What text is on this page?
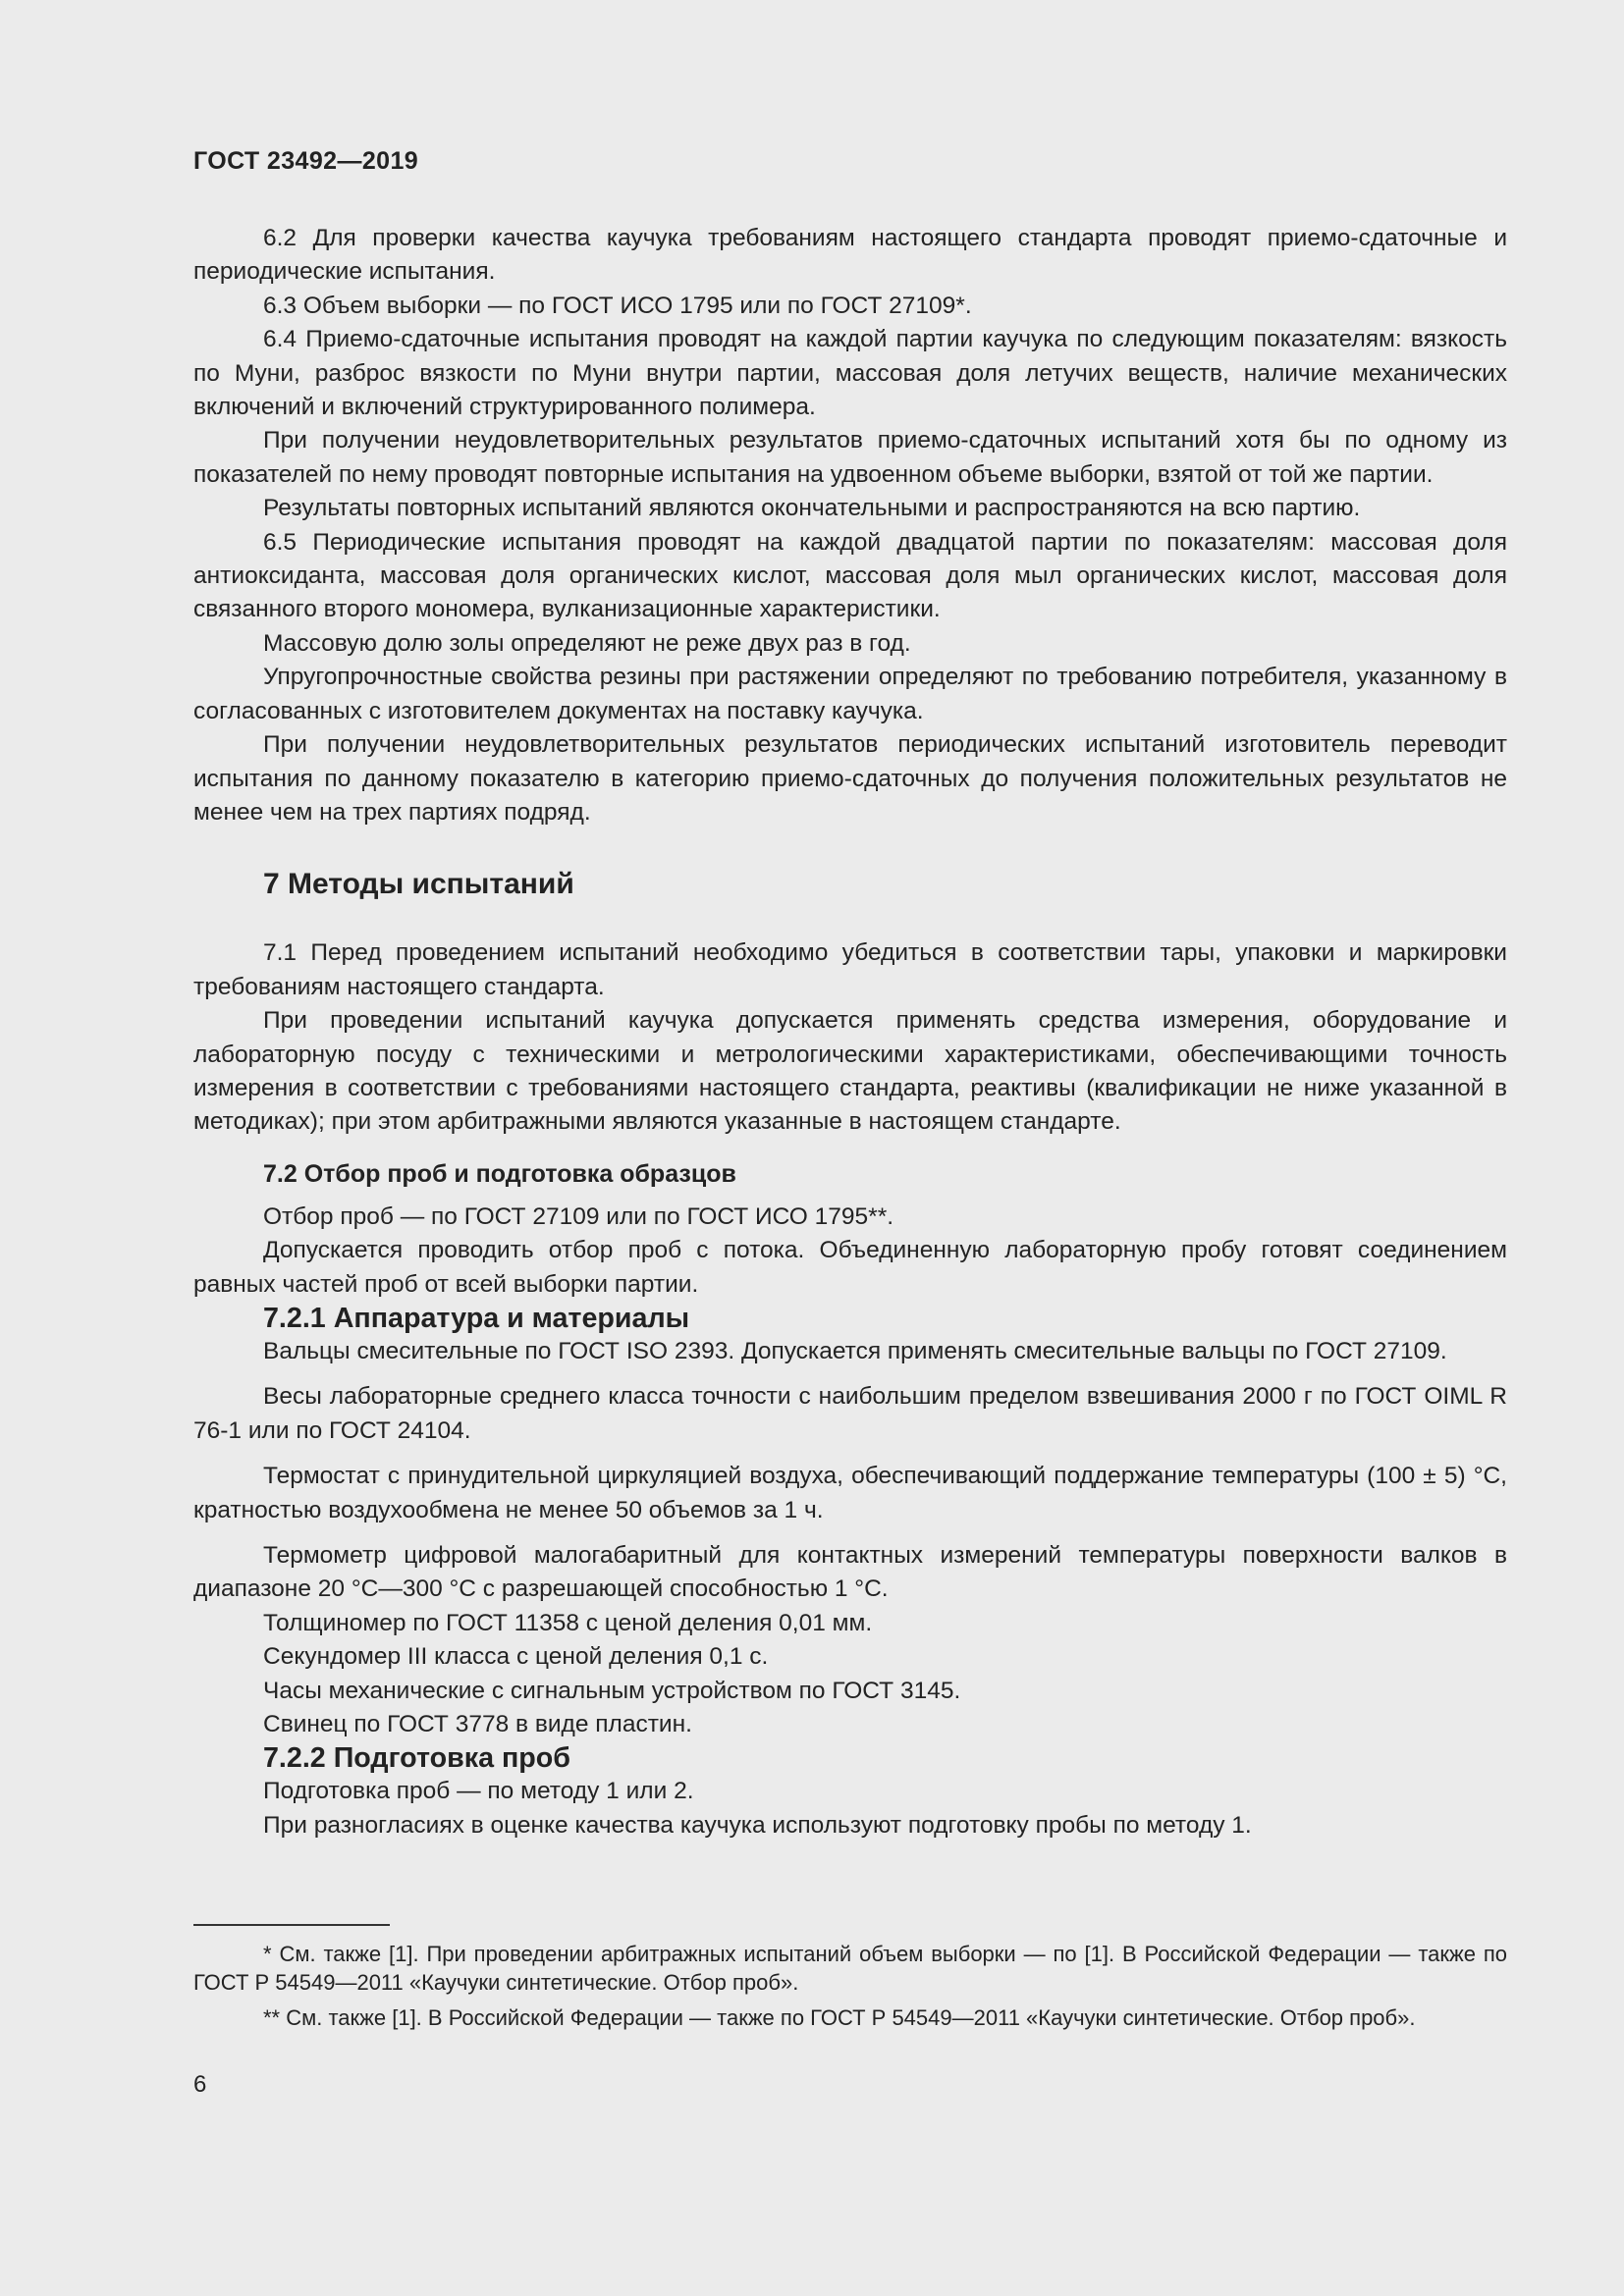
ГОСТ 23492—2019

6.2 Для проверки качества каучука требованиям настоящего стандарта проводят приемо-сдаточные и периодические испытания.

6.3 Объем выборки — по ГОСТ ИСО 1795 или по ГОСТ 27109*.

6.4 Приемо-сдаточные испытания проводят на каждой партии каучука по следующим показателям: вязкость по Муни, разброс вязкости по Муни внутри партии, массовая доля летучих веществ, наличие механических включений и включений структурированного полимера.

При получении неудовлетворительных результатов приемо-сдаточных испытаний хотя бы по одному из показателей по нему проводят повторные испытания на удвоенном объеме выборки, взятой от той же партии.

Результаты повторных испытаний являются окончательными и распространяются на всю партию.

6.5 Периодические испытания проводят на каждой двадцатой партии по показателям: массовая доля антиоксиданта, массовая доля органических кислот, массовая доля мыл органических кислот, массовая доля связанного второго мономера, вулканизационные характеристики.

Массовую долю золы определяют не реже двух раз в год.

Упругопрочностные свойства резины при растяжении определяют по требованию потребителя, указанному в согласованных с изготовителем документах на поставку каучука.

При получении неудовлетворительных результатов периодических испытаний изготовитель переводит испытания по данному показателю в категорию приемо-сдаточных до получения положительных результатов не менее чем на трех партиях подряд.

7 Методы испытаний

7.1 Перед проведением испытаний необходимо убедиться в соответствии тары, упаковки и маркировки требованиям настоящего стандарта.

При проведении испытаний каучука допускается применять средства измерения, оборудование и лабораторную посуду с техническими и метрологическими характеристиками, обеспечивающими точность измерения в соответствии с требованиями настоящего стандарта, реактивы (квалификации не ниже указанной в методиках); при этом арбитражными являются указанные в настоящем стандарте.

7.2 Отбор проб и подготовка образцов

Отбор проб — по ГОСТ 27109 или по ГОСТ ИСО 1795**.

Допускается проводить отбор проб с потока. Объединенную лабораторную пробу готовят соединением равных частей проб от всей выборки партии.

7.2.1 Аппаратура и материалы

Вальцы смесительные по ГОСТ ISO 2393. Допускается применять смесительные вальцы по ГОСТ 27109.

Весы лабораторные среднего класса точности с наибольшим пределом взвешивания 2000 г по ГОСТ OIML R 76-1 или по ГОСТ 24104.

Термостат с принудительной циркуляцией воздуха, обеспечивающий поддержание температуры (100 ± 5) °С, кратностью воздухообмена не менее 50 объемов за 1 ч.

Термометр цифровой малогабаритный для контактных измерений температуры поверхности валков в диапазоне 20 °С—300 °С с разрешающей способностью 1 °С.

Толщиномер по ГОСТ 11358 с ценой деления 0,01 мм.

Секундомер III класса с ценой деления 0,1 с.

Часы механические с сигнальным устройством по ГОСТ 3145.

Свинец по ГОСТ 3778 в виде пластин.

7.2.2 Подготовка проб

Подготовка проб — по методу 1 или 2.

При разногласиях в оценке качества каучука используют подготовку пробы по методу 1.

* См. также [1]. При проведении арбитражных испытаний объем выборки — по [1]. В Российской Федерации — также по ГОСТ Р 54549—2011 «Каучуки синтетические. Отбор проб».

** См. также [1]. В Российской Федерации — также по ГОСТ Р 54549—2011 «Каучуки синтетические. Отбор проб».

6
